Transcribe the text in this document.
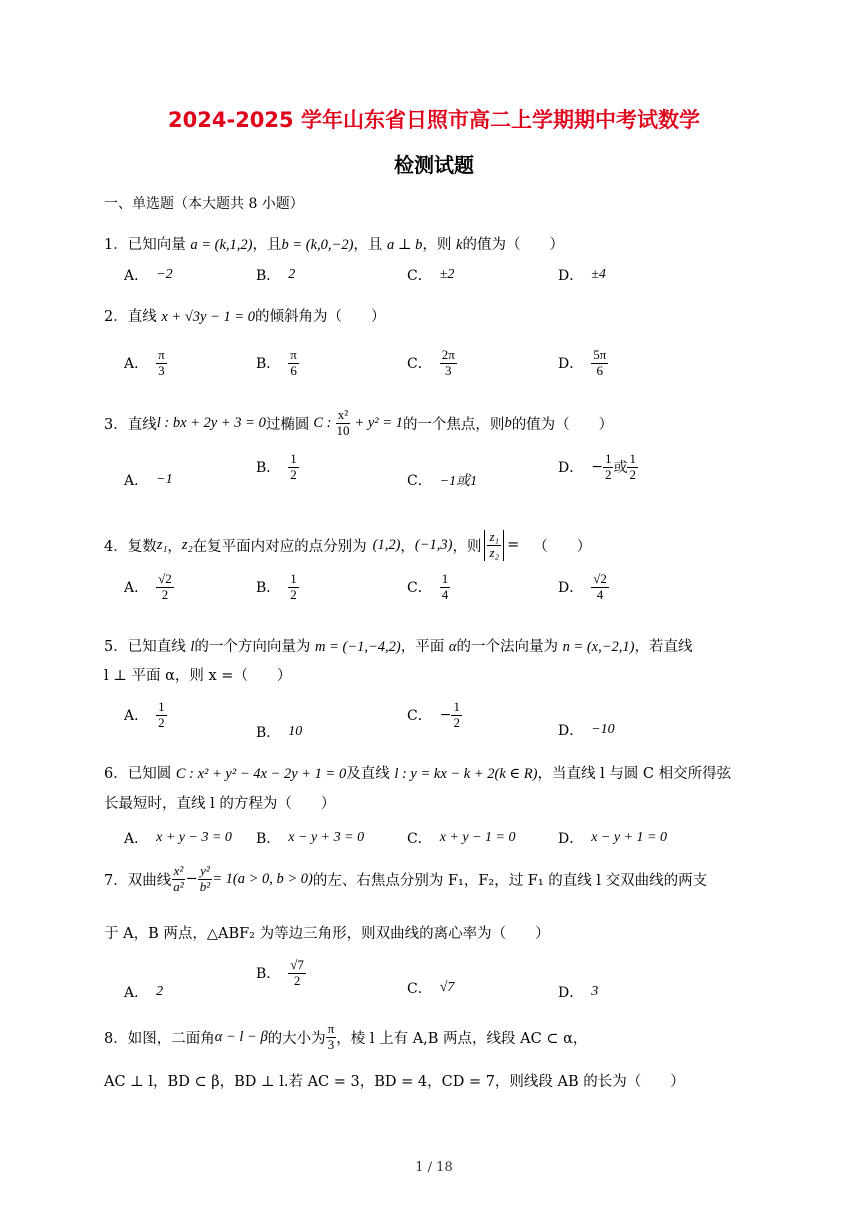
2024-2025 学年山东省日照市高二上学期期中考试数学
检测试题
一、单选题（本大题共 8 小题）
1．已知向量 a = (k,1,2)，且b = (k,0,−2)，且 a ⊥ b，则 k的值为（　　）
A． −2	B． 2	C． ±2	D． ±4
2．直线 x + √3y − 1 = 0的倾斜角为（　　）
A． $\frac{\pi}{3}$	B． $\frac{\pi}{6}$	C． $\frac{2\pi}{3}$	D． $\frac{5\pi}{6}$
3． 直线 l : bx + 2y + 3 = 0 过椭圆 C : $\frac{\text{x²}}{10} + y^2 = 1$ 的一个焦点，则 b 的值为（　　）
A． −1
B． $\frac{1}{2}$	C． −1或1
D． − $\frac{1}{2}$ 或 $\frac{1}{2}$
4． 复数 z₁ ， z₂ 在复平面内对应的点分别为 (1,2) ， (−1,3) ，则 $\frac{\text{z₁}}{\text{z₂}}$ = （　　）
A． $\frac{√2}{2}$	B． $\frac{1}{2}$	C． $\frac{1}{4}$	D． $\frac{√2}{4}$
5．已知直线 l的一个方向向量为 m = (−1,−4,2)，平面 α的一个法向量为 n = (x,−2,1)，若直线
l ⊥ 平面 α，则 x =（　　）
A． $\frac{1}{2}$
B． 10
C． − $\frac{1}{2}$
D． −10
6．已知圆 C : x² + y² − 4x − 2y + 1 = 0及直线 l : y = kx − k + 2(k ∈ R)，当直线 l 与圆 C 相交所得弦
长最短时，直线 l 的方程为（　　）
A． x + y − 3 = 0 B． x − y + 3 = 0	C． x + y − 1 = 0	D． x − y + 1 = 0
7． 双曲线 $\frac{\text{x²}}{\text{a²}} - \frac{\text{y²}}{\text{b²}} = 1(a > 0$, b > 0) 的左、右焦点分别为 F₁，F₂，过 F₁ 的直线 l 交双曲线的两支
于 A，B 两点，△ABF₂ 为等边三角形，则双曲线的离心率为（　　）
A． 2
B． $\frac{√7}{2}$
C． √7	D． 3
8． 如图，二面角 α − l − β 的大小为 $\frac{\pi}{3}$ ，棱 l 上有 A,B 两点，线段 AC ⊂ α，
AC ⊥ l，BD ⊂ β，BD ⊥ l.若 AC = 3，BD = 4，CD = 7，则线段 AB 的长为（　　）
1 / 18
